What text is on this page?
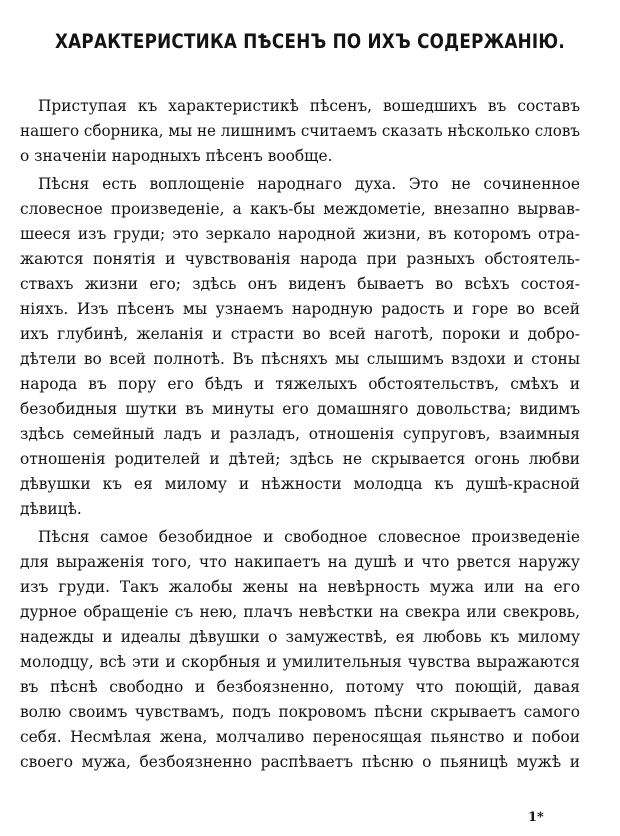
ХАРАКТЕРИСТИКА ПѢСЕНЪ ПО ИХЪ СОДЕРЖАНІЮ.
Приступая къ характеристикѣ пѣсенъ, вошедшихъ въ составъ
нашего сборника, мы не лишнимъ считаемъ сказать нѣсколько словъ
о значеніи народныхъ пѣсенъ вообще.
Пѣсня есть воплощеніе народнаго духа. Это не сочиненное
словесное произведеніе, а какъ-бы междометіе, внезапно вырвав-
шееся изъ груди; это зеркало народной жизни, въ которомъ отра-
жаются понятія и чувствованія народа при разныхъ обстоятель-
ствахъ жизни его; здѣсь онъ виденъ бываетъ во всѣхъ состоя-
ніяхъ. Изъ пѣсенъ мы узнаемъ народную радость и горе во всей
ихъ глубинѣ, желанія и страсти во всей наготѣ, пороки и добро-
дѣтели во всей полнотѣ. Въ пѣсняхъ мы слышимъ вздохи и стоны
народа въ пору его бѣдъ и тяжелыхъ обстоятельствъ, смѣхъ и
безобидныя шутки въ минуты его домашняго довольства; видимъ
здѣсь семейный ладъ и разладъ, отношенія супруговъ, взаимныя
отношенія родителей и дѣтей; здѣсь не скрывается огонь любви
дѣвушки къ ея милому и нѣжности молодца къ душѣ-красной
дѣвицѣ.
Пѣсня самое безобидное и свободное словесное произведеніе
для выраженія того, что накипаетъ на душѣ и что рвется наружу
изъ груди. Такъ жалобы жены на невѣрность мужа или на его
дурное обращеніе съ нею, плачъ невѣстки на свекра или свекровь,
надежды и идеалы дѣвушки о замужествѣ, ея любовь къ милому
молодцу, всѣ эти и скорбныя и умилительныя чувства выражаются
въ пѣснѣ свободно и безбоязненно, потому что поющій, давая
волю своимъ чувствамъ, подъ покровомъ пѣсни скрываетъ самого
себя. Несмѣлая жена, молчаливо переносящая пьянство и побои
своего мужа, безбоязненно распѣваетъ пѣсню о пьяницѣ мужѣ и
1*
